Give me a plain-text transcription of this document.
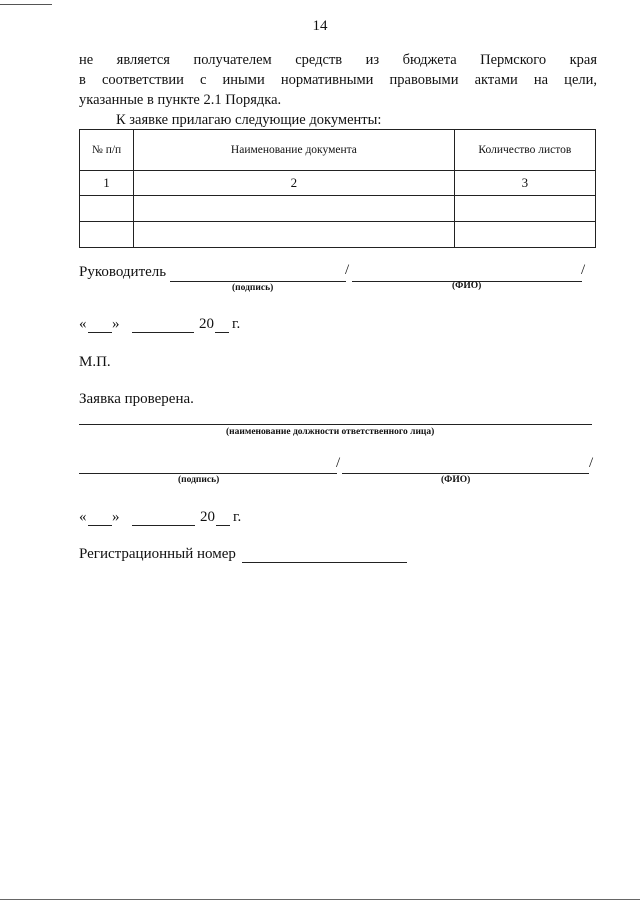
14
не является получателем средств из бюджета Пермского края
в соответствии с иными нормативными правовыми актами на цели,
указанные в пункте 2.1 Порядка.
К заявке прилагаю следующие документы:
№ п/п	Наименование документа	Количество листов
1	2	3

Руководитель	/	/
(подпись)	(ФИО)
« »	20 г.
М.П.
Заявка проверена.
(наименование должности ответственного лица)
/	/
(подпись)	(ФИО)
« »	20 г.
Регистрационный номер
